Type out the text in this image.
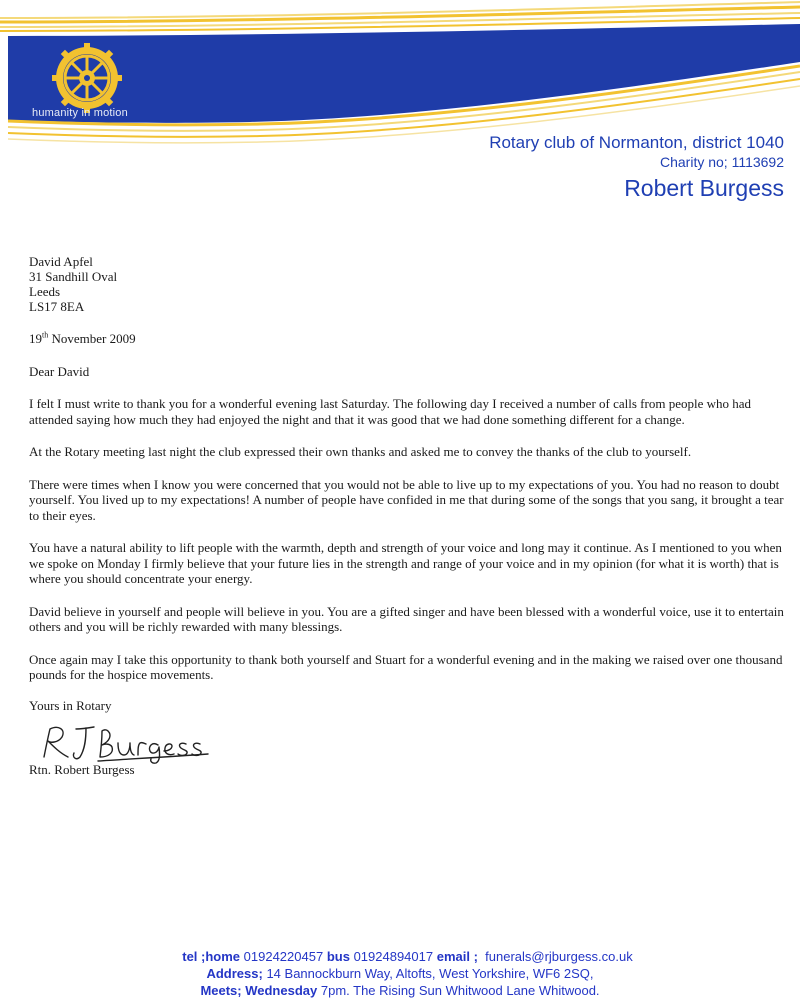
humanity in motion
Rotary club of Normanton, district 1040
Charity no; 1113692
Robert Burgess
David Apfel
31 Sandhill Oval
Leeds
LS17 8EA

19th November 2009

Dear David

I felt I must write to thank you for a wonderful evening last Saturday. The following day I received a number of calls from people who had attended saying how much they had enjoyed the night and that it was good that we had done something different for a change.

At the Rotary meeting last night the club expressed their own thanks and asked me to convey the thanks of the club to yourself.

There were times when I know you were concerned that you would not be able to live up to my expectations of you. You had no reason to doubt yourself. You lived up to my expectations! A number of people have confided in me that during some of the songs that you sang, it brought a tear to their eyes.

You have a natural ability to lift people with the warmth, depth and strength of your voice and long may it continue. As I mentioned to you when we spoke on Monday I firmly believe that your future lies in the strength and range of your voice and in my opinion (for what it is worth) that is where you should concentrate your energy.

David believe in yourself and people will believe in you. You are a gifted singer and have been blessed with a wonderful voice, use it to entertain others and you will be richly rewarded with many blessings.

Once again may I take this opportunity to thank both yourself and Stuart for a wonderful evening and in the making we raised over one thousand pounds for the hospice movements.

Yours in Rotary
Rtn. Robert Burgess
tel ;home 01924220457 bus 01924894017 email ; funerals@rjburgess.co.uk
Address; 14 Bannockburn Way, Altofts, West Yorkshire, WF6 2SQ,
Meets; Wednesday 7pm. The Rising Sun Whitwood Lane Whitwood.
